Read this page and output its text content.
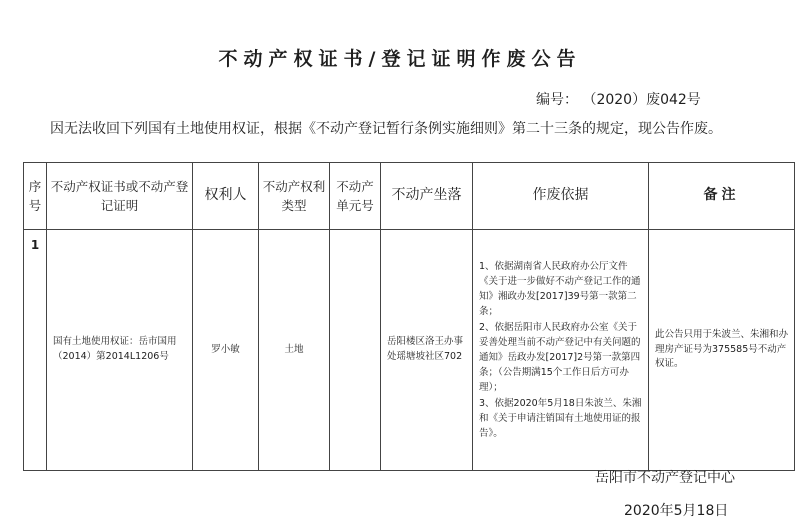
不动产权证书/登记证明作废公告
编号： （2020）废042号
因无法收回下列国有土地使用权证，根据《不动产登记暂行条例实施细则》第二十三条的规定，现公告作废。
序号	不动产权证书或不动产登记证明	权利人	不动产权利类型	不动产单元号	不动产坐落	作废依据	备注
1	国有土地使用权证：岳市国用（2014）第2014L1206号	罗小敏	土地		岳阳楼区洛王办事处瑶塘坡社区702	1、依据湖南省人民政府办公厅文件《关于进一步做好不动产登记工作的通知》湘政办发[2017]39号第一款第二条；
2、依据岳阳市人民政府办公室《关于妥善处理当前不动产登记中有关问题的通知》岳政办发[2017]2号第一款第四条；（公告期满15个工作日后方可办理）；
3、依据2020年5月18日朱波兰、朱湘和《关于申请注销国有土地使用证的报告》。	此公告只用于朱波兰、朱湘和办理房产证号为375585号不动产权证。
岳阳市不动产登记中心
2020年5月18日
